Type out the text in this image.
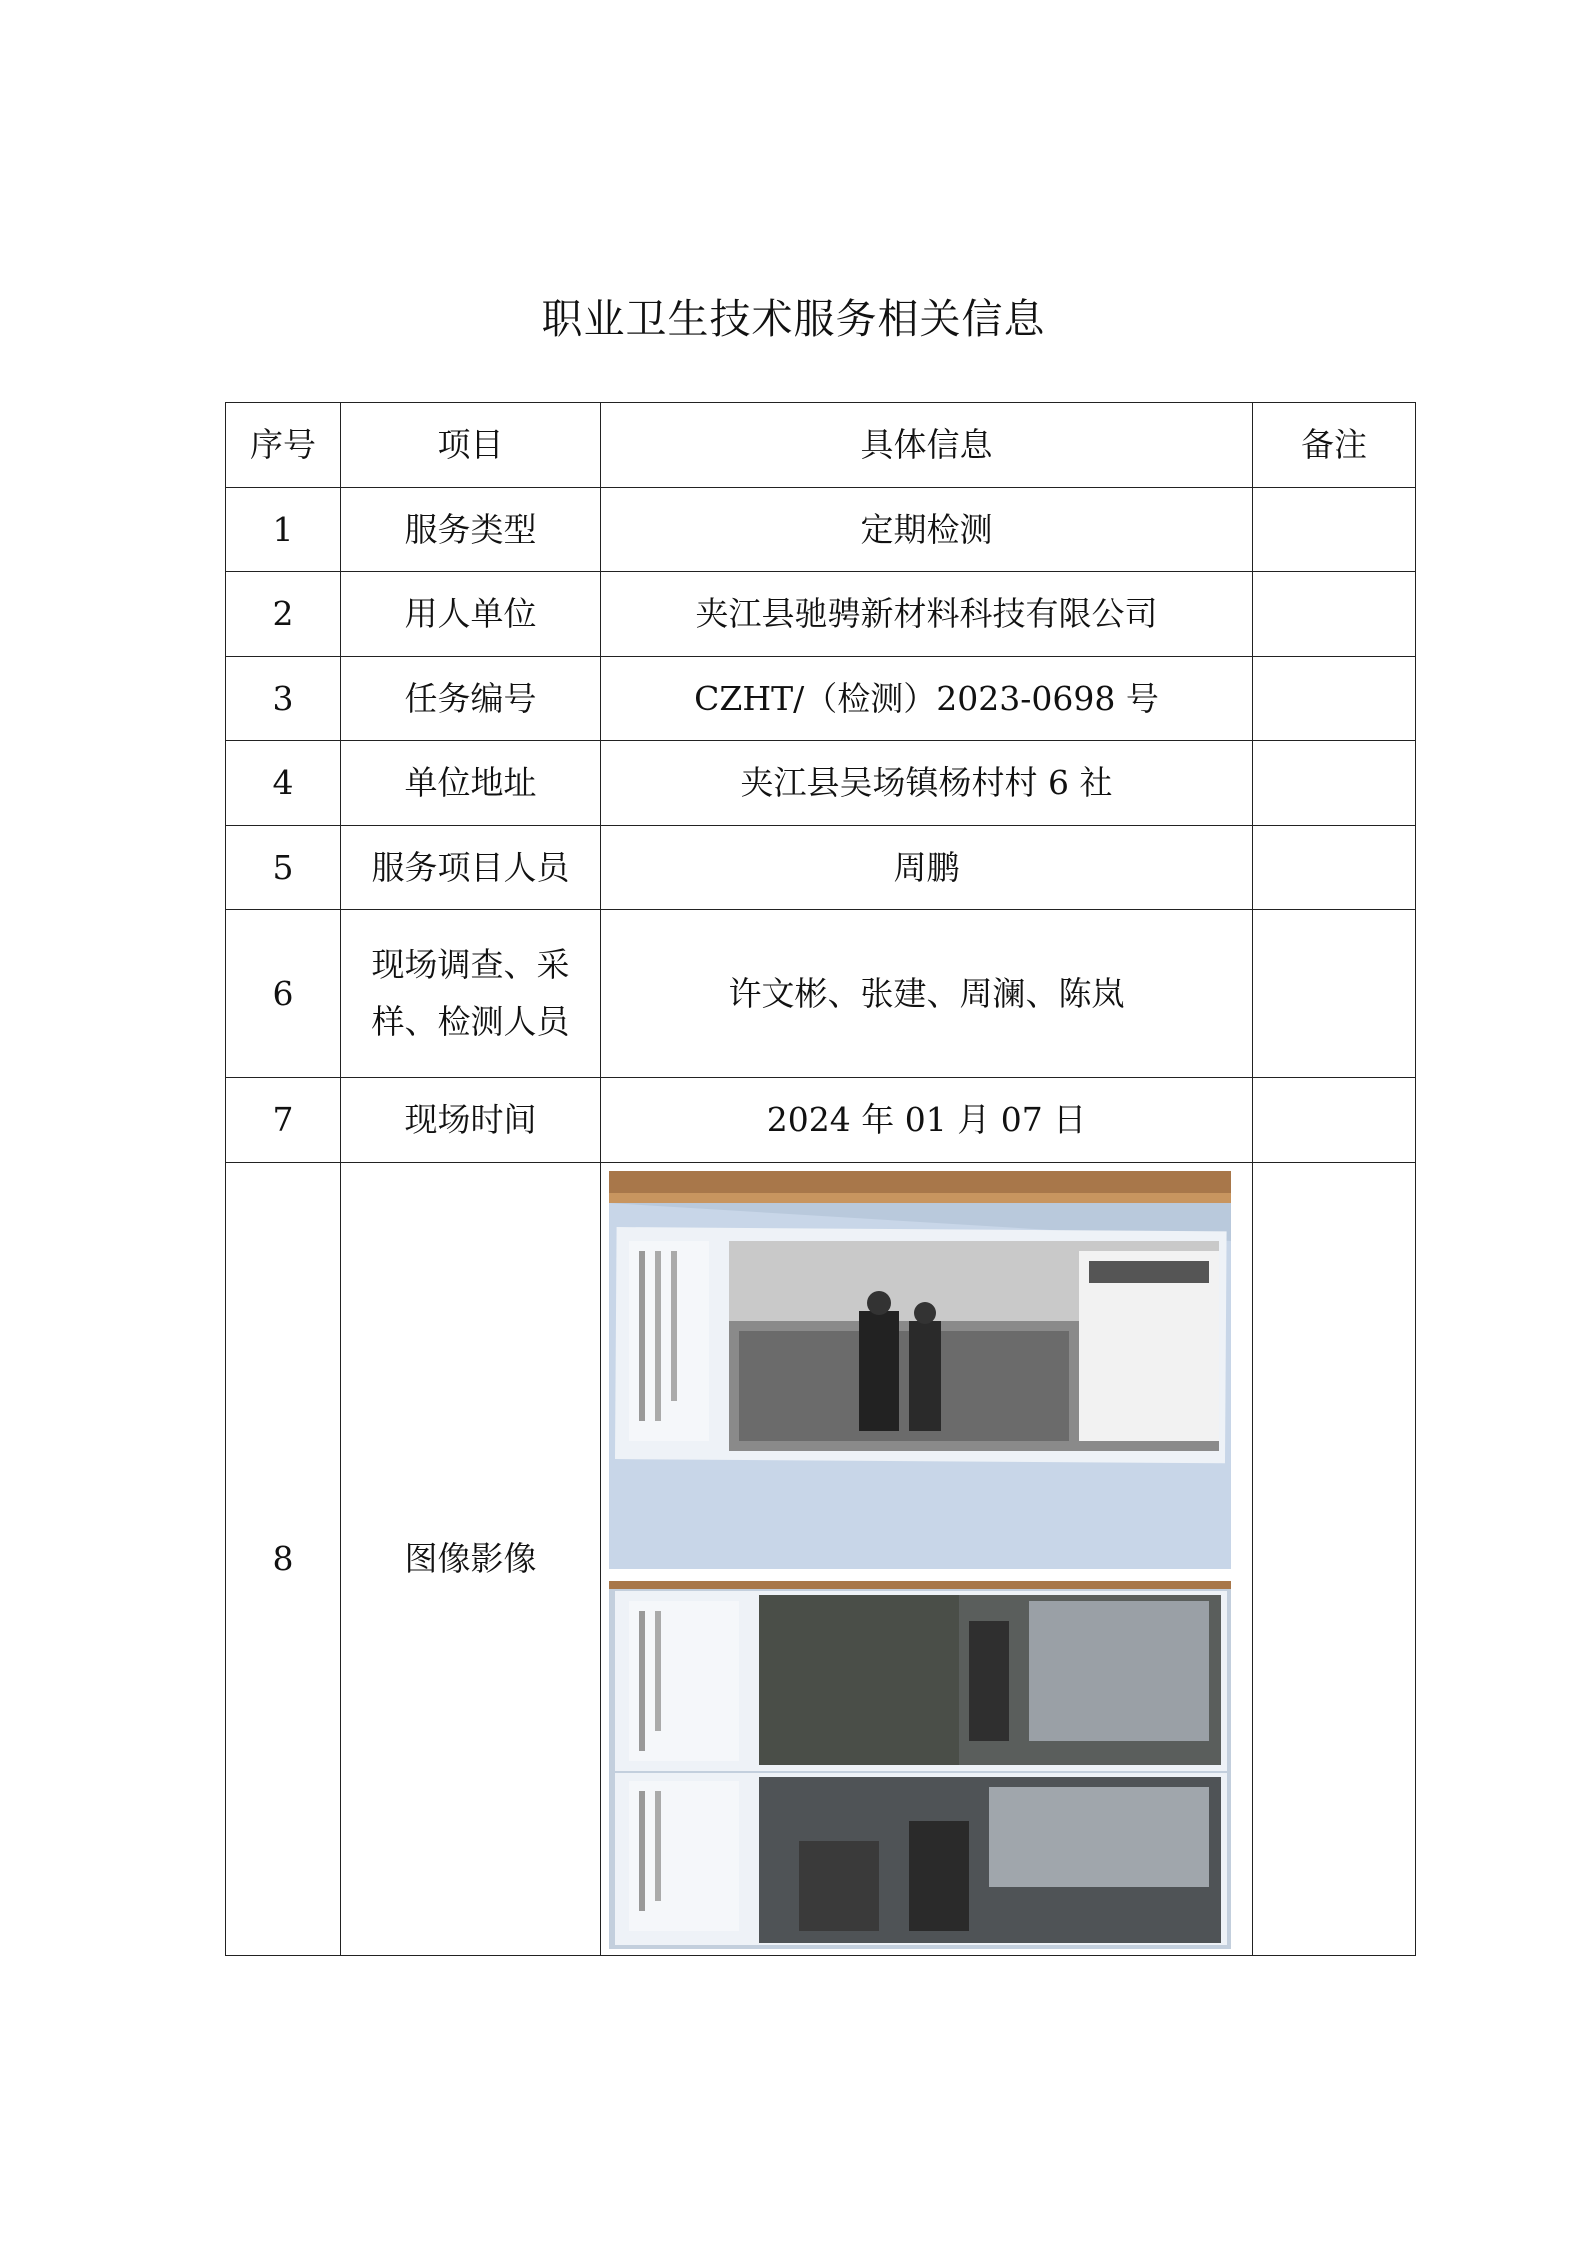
职业卫生技术服务相关信息
序号	项目	具体信息	备注
1	服务类型	定期检测	
2	用人单位	夹江县驰骋新材料科技有限公司	
3	任务编号	CZHT/（检测）2023-0698 号	
4	单位地址	夹江县吴场镇杨村村 6 社	
5	服务项目人员	周鹏	
6	现场调查、采样、检测人员	许文彬、张建、周澜、陈岚	
7	现场时间	2024 年 01 月 07 日	
8	图像影像	
